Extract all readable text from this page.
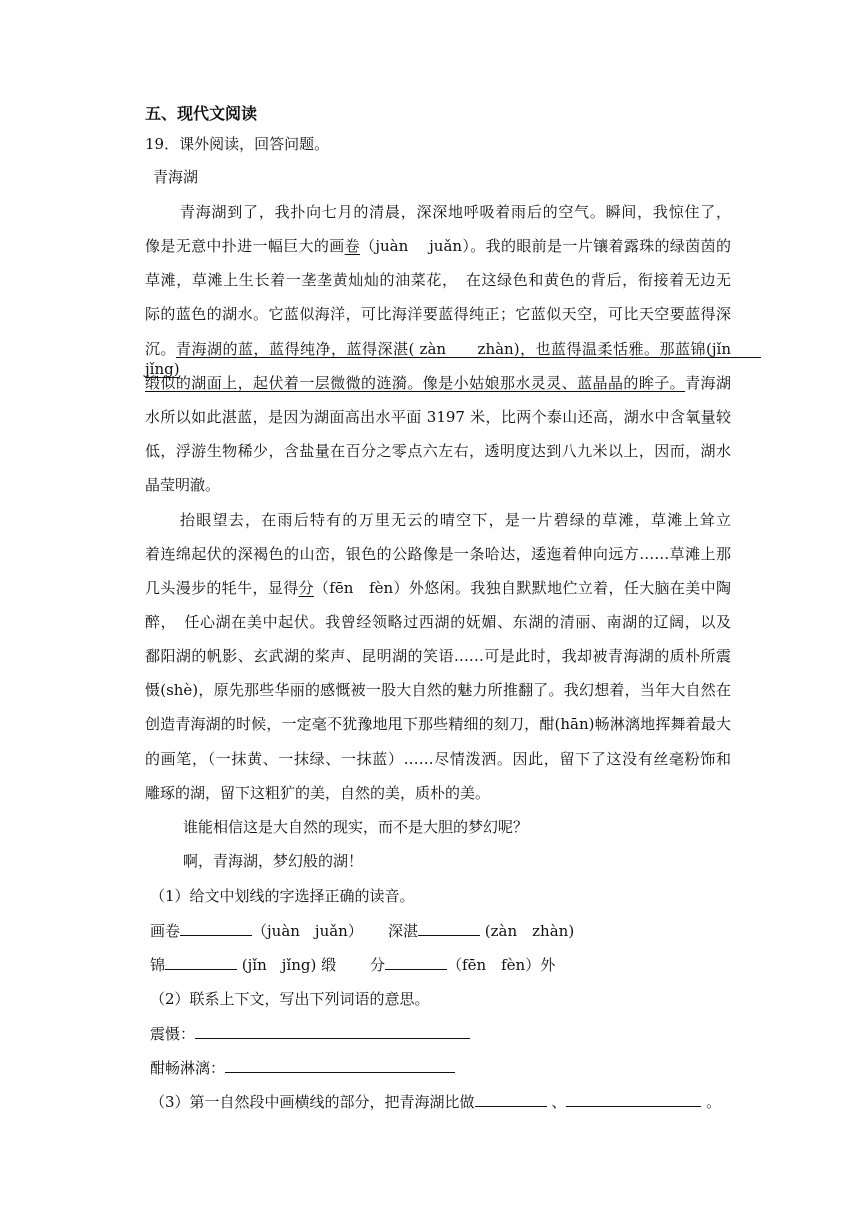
五、现代文阅读
19．课外阅读，回答问题。
青海湖
青海湖到了，我扑向七月的清晨，深深地呼吸着雨后的空气。瞬间，我惊住了，
像是无意中扑进一幅巨大的画卷（juàn　 juǎn）。我的眼前是一片镶着露珠的绿茵茵的
草滩，草滩上生长着一垄垄黄灿灿的油菜花，　在这绿色和黄色的背后，衔接着无边无
际的蓝色的湖水。它蓝似海洋，可比海洋要蓝得纯正；它蓝似天空，可比天空要蓝得深
沉。青海湖的蓝，蓝得纯净，蓝得深湛( zàn　　zhàn)，也蓝得温柔恬雅。那蓝锦(jǐn　　jǐng)
缎似的湖面上，起伏着一层微微的涟漪。像是小姑娘那水灵灵、蓝晶晶的眸子。青海湖
水所以如此湛蓝，是因为湖面高出水平面 3197 米，比两个泰山还高，湖水中含氧量较
低，浮游生物稀少，含盐量在百分之零点六左右，透明度达到八九米以上，因而，湖水
晶莹明澈。
抬眼望去，在雨后特有的万里无云的晴空下，是一片碧绿的草滩，草滩上耸立
着连绵起伏的深褐色的山峦，银色的公路像是一条哈达，逶迤着伸向远方……草滩上那
几头漫步的牦牛，显得分（fēn　fèn）外悠闲。我独自默默地伫立着，任大脑在美中陶
醉，　任心湖在美中起伏。我曾经领略过西湖的妩媚、东湖的清丽、南湖的辽阔，以及
鄱阳湖的帆影、玄武湖的桨声、昆明湖的笑语……可是此时，我却被青海湖的质朴所震
慑(shè)，原先那些华丽的感慨被一股大自然的魅力所推翻了。我幻想着，当年大自然在
创造青海湖的时候，一定毫不犹豫地甩下那些精细的刻刀，酣(hān)畅淋漓地挥舞着最大
的画笔，（一抹黄、一抹绿、一抹蓝）……尽情泼洒。因此，留下了这没有丝毫粉饰和
雕琢的湖，留下这粗犷的美，自然的美，质朴的美。
谁能相信这是大自然的现实，而不是大胆的梦幻呢？
啊，青海湖，梦幻般的湖！
（1）给文中划线的字选择正确的读音。
画卷	（juàn　juǎn） 深湛	(zàn　zhàn)
锦	(jǐn　jǐng) 缎 分	（fēn　fèn）外
（2）联系上下文，写出下列词语的意思。
震慑：
酣畅淋漓：
（3）第一自然段中画横线的部分，把青海湖比做	、	。
